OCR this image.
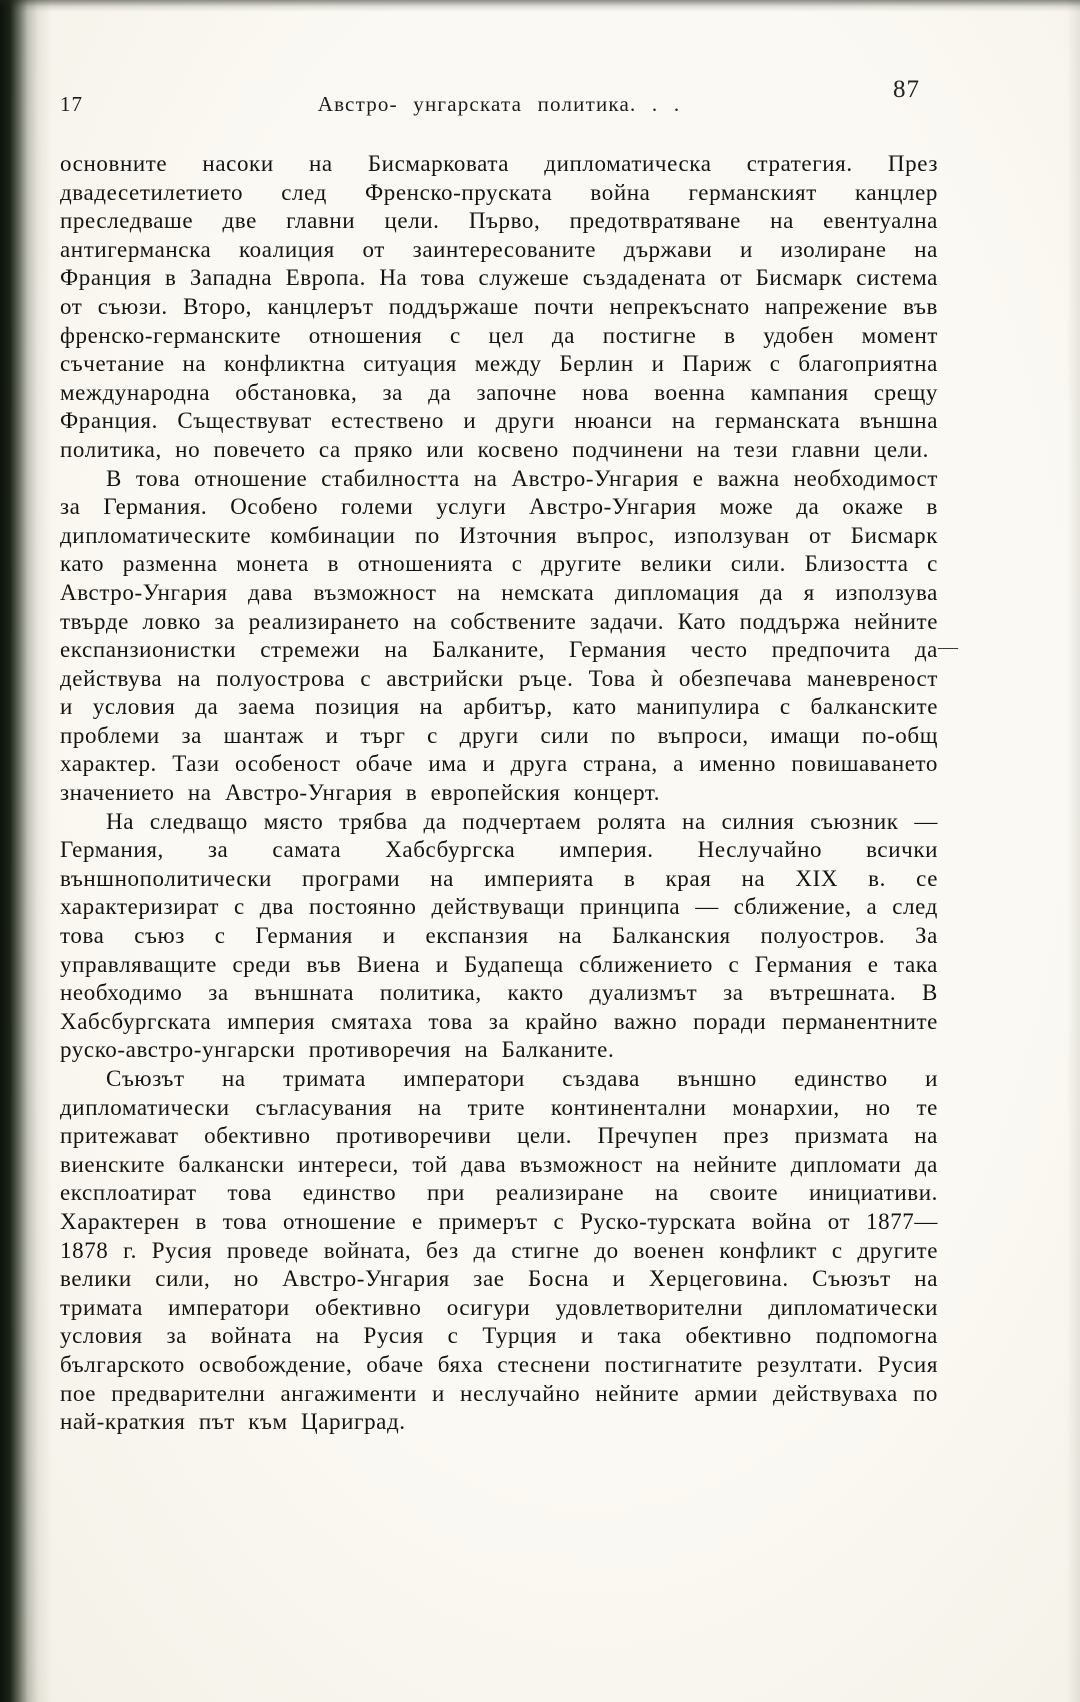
17	Австро- унгарската политика. . .
87

основните насоки на Бисмарковата дипломатическа стратегия. През двадесетилетието след Френско-пруската война германският канцлер преследваше две главни цели. Първо, предотвратяване на евентуална антигерманска коалиция от заинтересованите държави и изолиране на Франция в Западна Европа. На това служеше създадената от Бисмарк система от съюзи. Второ, канцлерът поддържаше почти непрекъснато напрежение във френско-германските отношения с цел да постигне в удобен момент съчетание на конфликтна ситуация между Берлин и Париж с благоприятна международна обстановка, за да започне нова военна кампания срещу Франция. Съществуват естествено и други нюанси на германската външна политика, но повечето са пряко или косвено подчинени на тези главни цели.

В това отношение стабилността на Австро-Унгария е важна необходимост за Германия. Особено големи услуги Австро-Унгария може да окаже в дипломатическите комбинации по Източния въпрос, използуван от Бисмарк като разменна монета в отношенията с другите велики сили. Близостта с Австро-Унгария дава възможност на немската дипломация да я използува твърде ловко за реализирането на собствените задачи. Като поддържа нейните експанзионистки стремежи на Балканите, Германия често предпочита да действува на полуострова с австрийски ръце. Това ѝ обезпечава маневреност и условия да заема позиция на арбитър, като манипулира с балканските проблеми за шантаж и търг с други сили по въпроси, имащи по-общ характер. Тази особеност обаче има и друга страна, а именно повишаването значението на Австро-Унгария в европейския концерт.

На следващо място трябва да подчертаем ролята на силния съюзник — Германия, за самата Хабсбургска империя. Неслучайно всички външнополитически програми на империята в края на XIX в. се характеризират с два постоянно действуващи принципа — сближение, а след това съюз с Германия и експанзия на Балканския полуостров. За управляващите среди във Виена и Будапеща сближението с Германия е така необходимо за външната политика, както дуализмът за вътрешната. В Хабсбургската империя смятаха това за крайно важно поради перманентните руско-австро-унгарски противоречия на Балканите.

Съюзът на тримата императори създава външно единство и дипломатически съгласувания на трите континентални монархии, но те притежават обективно противоречиви цели. Пречупен през призмата на виенските балкански интереси, той дава възможност на нейните дипломати да експлоатират това единство при реализиране на своите инициативи. Характерен в това отношение е примерът с Руско-турската война от 1877—1878 г. Русия проведе войната, без да стигне до военен конфликт с другите велики сили, но Австро-Унгария зае Босна и Херцеговина. Съюзът на тримата императори обективно осигури удовлетворителни дипломатически условия за войната на Русия с Турция и така обективно подпомогна българското освобождение, обаче бяха стеснени постигнатите резултати. Русия пое предварителни ангажименти и неслучайно нейните армии действуваха по най-краткия път към Цариград.

—
